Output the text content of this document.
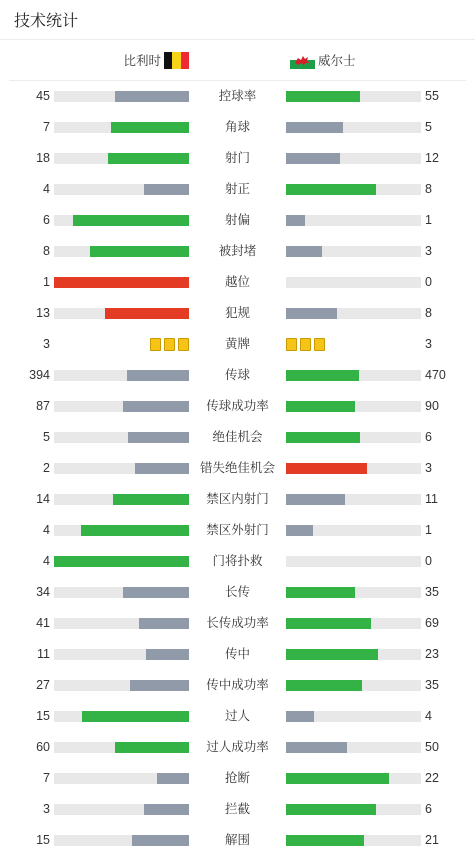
技术统计
比利时	威尔士
45	控球率	55
7	角球	5
18	射门	12
4	射正	8
6	射偏	1
8	被封堵	3
1	越位	0
13	犯规	8
3	黄牌	3
394	传球	470
87	传球成功率	90
5	绝佳机会	6
2	错失绝佳机会	3
14	禁区内射门	11
4	禁区外射门	1
4	门将扑救	0
34	长传	35
41	长传成功率	69
11	传中	23
27	传中成功率	35
15	过人	4
60	过人成功率	50
7	抢断	22
3	拦截	6
15	解围	21
